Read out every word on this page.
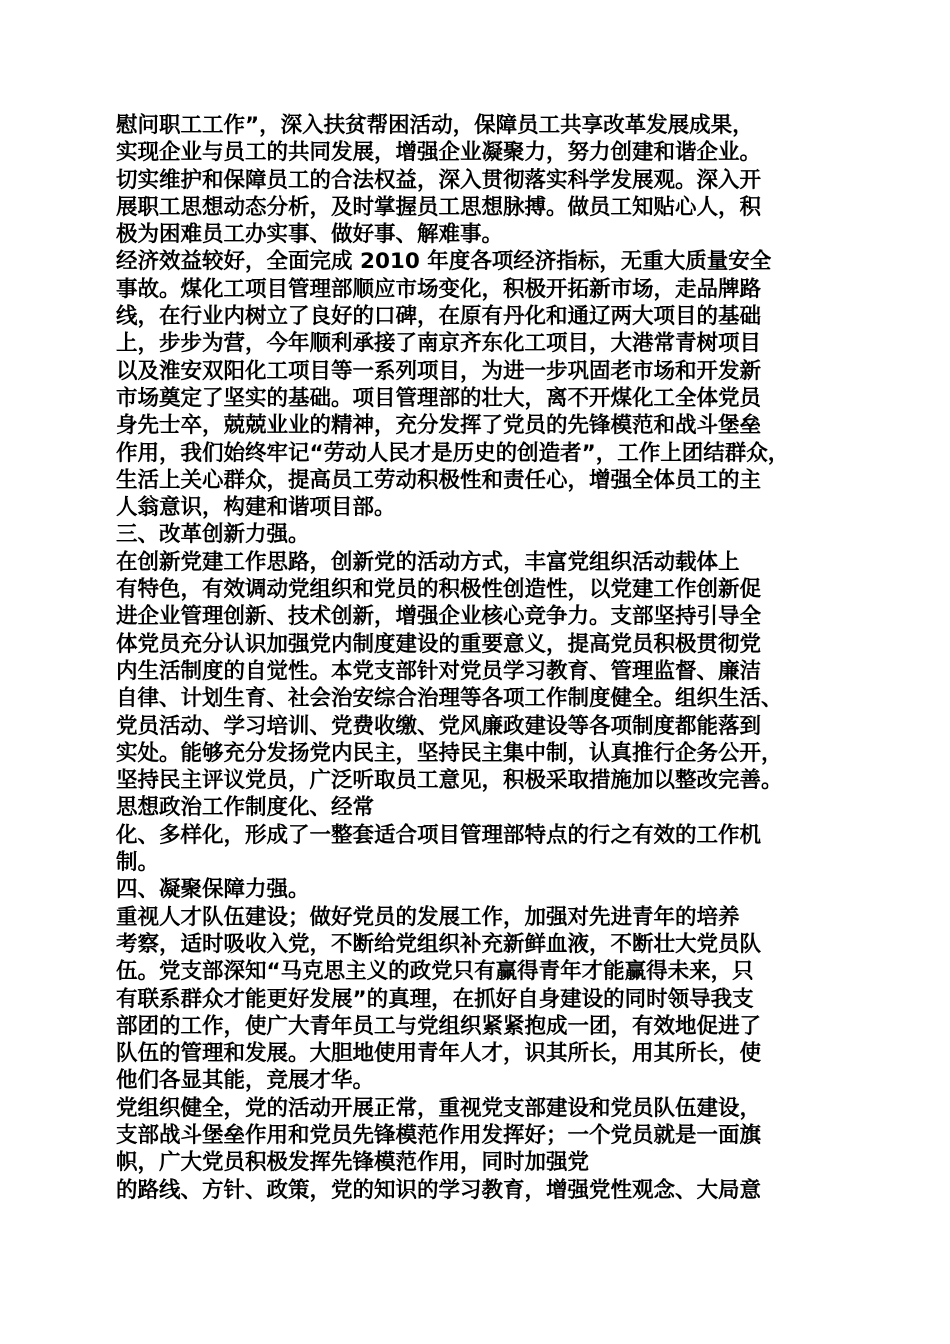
慰问职工工作”，深入扶贫帮困活动，保障员工共享改革发展成果，
实现企业与员工的共同发展，增强企业凝聚力，努力创建和谐企业。
切实维护和保障员工的合法权益，深入贯彻落实科学发展观。深入开
展职工思想动态分析，及时掌握员工思想脉搏。做员工知贴心人，积
极为困难员工办实事、做好事、解难事。
经济效益较好，全面完成 2010 年度各项经济指标，无重大质量安全
事故。煤化工项目管理部顺应市场变化，积极开拓新市场，走品牌路
线，在行业内树立了良好的口碑，在原有丹化和通辽两大项目的基础
上，步步为营，今年顺利承接了南京齐东化工项目，大港常青树项目
以及淮安双阳化工项目等一系列项目，为进一步巩固老市场和开发新
市场奠定了坚实的基础。项目管理部的壮大，离不开煤化工全体党员
身先士卒，兢兢业业的精神，充分发挥了党员的先锋模范和战斗堡垒
作用，我们始终牢记“劳动人民才是历史的创造者”，工作上团结群众，
生活上关心群众，提高员工劳动积极性和责任心，增强全体员工的主
人翁意识，构建和谐项目部。
三、改革创新力强。
在创新党建工作思路，创新党的活动方式，丰富党组织活动载体上
有特色，有效调动党组织和党员的积极性创造性，以党建工作创新促
进企业管理创新、技术创新，增强企业核心竞争力。支部坚持引导全
体党员充分认识加强党内制度建设的重要意义，提高党员积极贯彻党
内生活制度的自觉性。本党支部针对党员学习教育、管理监督、廉洁
自律、计划生育、社会治安综合治理等各项工作制度健全。组织生活、
党员活动、学习培训、党费收缴、党风廉政建设等各项制度都能落到
实处。能够充分发扬党内民主，坚持民主集中制，认真推行企务公开，
坚持民主评议党员，广泛听取员工意见，积极采取措施加以整改完善。
思想政治工作制度化、经常
化、多样化，形成了一整套适合项目管理部特点的行之有效的工作机
制。
四、凝聚保障力强。
重视人才队伍建设；做好党员的发展工作，加强对先进青年的培养
考察，适时吸收入党，不断给党组织补充新鲜血液，不断壮大党员队
伍。党支部深知“马克思主义的政党只有赢得青年才能赢得未来，只
有联系群众才能更好发展”的真理，在抓好自身建设的同时领导我支
部团的工作，使广大青年员工与党组织紧紧抱成一团，有效地促进了
队伍的管理和发展。大胆地使用青年人才，识其所长，用其所长，使
他们各显其能，竞展才华。
党组织健全，党的活动开展正常，重视党支部建设和党员队伍建设，
支部战斗堡垒作用和党员先锋模范作用发挥好；一个党员就是一面旗
帜，广大党员积极发挥先锋模范作用，同时加强党
的路线、方针、政策，党的知识的学习教育，增强党性观念、大局意
